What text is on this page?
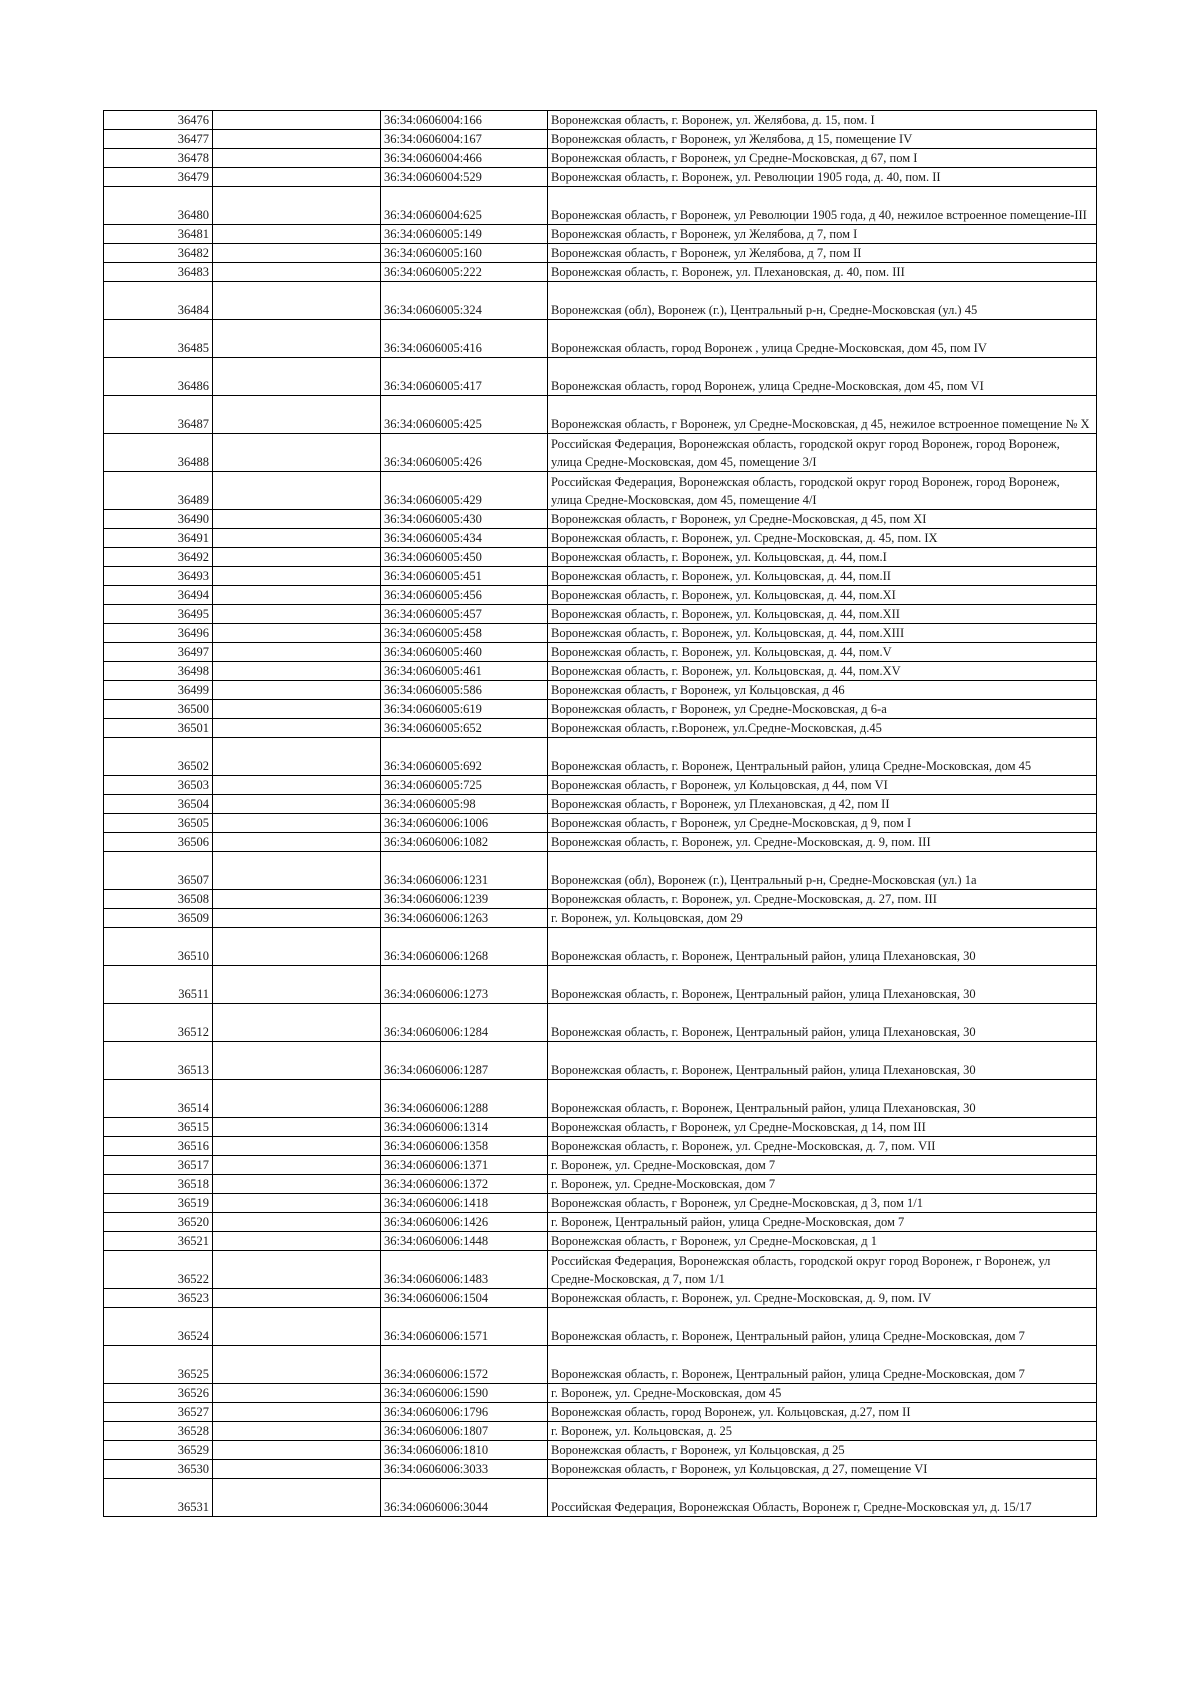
36476		36:34:0606004:166	Воронежская область, г. Воронеж, ул. Желябова, д. 15, пом. I
36477		36:34:0606004:167	Воронежская область, г Воронеж, ул Желябова, д 15, помещение IV
36478		36:34:0606004:466	Воронежская область, г Воронеж, ул Средне-Московская, д 67, пом I
36479		36:34:0606004:529	Воронежская область, г. Воронеж, ул. Революции 1905 года, д. 40, пом. II
36480		36:34:0606004:625	Воронежская область, г Воронеж, ул Революции 1905 года, д 40, нежилое встроенное помещение-III
36481		36:34:0606005:149	Воронежская область, г Воронеж, ул Желябова, д 7, пом I
36482		36:34:0606005:160	Воронежская область, г Воронеж, ул Желябова, д 7, пом II
36483		36:34:0606005:222	Воронежская область, г. Воронеж, ул. Плехановская, д. 40, пом. III
36484		36:34:0606005:324	Воронежская (обл), Воронеж (г.), Центральный р-н, Средне-Московская (ул.) 45
36485		36:34:0606005:416	Воронежская область, город Воронеж , улица Средне-Московская, дом 45, пом IV
36486		36:34:0606005:417	Воронежская область, город Воронеж, улица Средне-Московская, дом 45, пом VI
36487		36:34:0606005:425	Воронежская область, г Воронеж, ул Средне-Московская, д 45, нежилое встроенное помещение № X
36488		36:34:0606005:426	Российская Федерация, Воронежская область, городской округ город Воронеж, город Воронеж, улица Средне-Московская, дом 45, помещение 3/I
36489		36:34:0606005:429	Российская Федерация, Воронежская область, городской округ город Воронеж, город Воронеж, улица Средне-Московская, дом 45, помещение 4/I
36490		36:34:0606005:430	Воронежская область, г Воронеж, ул Средне-Московская, д 45, пом XI
36491		36:34:0606005:434	Воронежская область, г. Воронеж, ул. Средне-Московская, д. 45, пом. IX
36492		36:34:0606005:450	Воронежская область, г. Воронеж, ул. Кольцовская, д. 44, пом.I
36493		36:34:0606005:451	Воронежская область, г. Воронеж, ул. Кольцовская, д. 44, пом.II
36494		36:34:0606005:456	Воронежская область, г. Воронеж, ул. Кольцовская, д. 44, пом.XI
36495		36:34:0606005:457	Воронежская область, г. Воронеж, ул. Кольцовская, д. 44, пом.XII
36496		36:34:0606005:458	Воронежская область, г. Воронеж, ул. Кольцовская, д. 44, пом.XIII
36497		36:34:0606005:460	Воронежская область, г. Воронеж, ул. Кольцовская, д. 44, пом.V
36498		36:34:0606005:461	Воронежская область, г. Воронеж, ул. Кольцовская, д. 44, пом.XV
36499		36:34:0606005:586	Воронежская область, г Воронеж, ул Кольцовская, д 46
36500		36:34:0606005:619	Воронежская область, г Воронеж, ул Средне-Московская, д 6-а
36501		36:34:0606005:652	Воронежская область, г.Воронеж, ул.Средне-Московская, д.45
36502		36:34:0606005:692	Воронежская область, г. Воронеж, Центральный район, улица Средне-Московская, дом 45
36503		36:34:0606005:725	Воронежская область, г Воронеж, ул Кольцовская, д 44, пом VI
36504		36:34:0606005:98	Воронежская область, г Воронеж, ул Плехановская, д 42, пом II
36505		36:34:0606006:1006	Воронежская область, г Воронеж, ул Средне-Московская, д 9, пом I
36506		36:34:0606006:1082	Воронежская область, г. Воронеж, ул. Средне-Московская, д. 9, пом. III
36507		36:34:0606006:1231	Воронежская (обл), Воронеж (г.), Центральный р-н, Средне-Московская (ул.) 1а
36508		36:34:0606006:1239	Воронежская область, г. Воронеж, ул. Средне-Московская, д. 27, пом. III
36509		36:34:0606006:1263	г. Воронеж, ул. Кольцовская, дом 29
36510		36:34:0606006:1268	Воронежская область, г. Воронеж, Центральный район, улица Плехановская, 30
36511		36:34:0606006:1273	Воронежская область, г. Воронеж, Центральный район, улица Плехановская, 30
36512		36:34:0606006:1284	Воронежская область, г. Воронеж, Центральный район, улица Плехановская, 30
36513		36:34:0606006:1287	Воронежская область, г. Воронеж, Центральный район, улица Плехановская, 30
36514		36:34:0606006:1288	Воронежская область, г. Воронеж, Центральный район, улица Плехановская, 30
36515		36:34:0606006:1314	Воронежская область, г Воронеж, ул Средне-Московская, д 14, пом III
36516		36:34:0606006:1358	Воронежская область, г. Воронеж, ул. Средне-Московская, д. 7, пом. VII
36517		36:34:0606006:1371	г. Воронеж, ул. Средне-Московская, дом 7
36518		36:34:0606006:1372	г. Воронеж, ул. Средне-Московская, дом 7
36519		36:34:0606006:1418	Воронежская область, г Воронеж, ул Средне-Московская, д 3, пом 1/1
36520		36:34:0606006:1426	г. Воронеж, Центральный район, улица Средне-Московская, дом 7
36521		36:34:0606006:1448	Воронежская область, г Воронеж, ул Средне-Московская, д 1
36522		36:34:0606006:1483	Российская Федерация, Воронежская область, городской округ город Воронеж, г Воронеж, ул Средне-Московская, д 7, пом 1/1
36523		36:34:0606006:1504	Воронежская область, г. Воронеж, ул. Средне-Московская, д. 9, пом. IV
36524		36:34:0606006:1571	Воронежская область, г. Воронеж, Центральный район, улица Средне-Московская, дом 7
36525		36:34:0606006:1572	Воронежская область, г. Воронеж, Центральный район, улица Средне-Московская, дом 7
36526		36:34:0606006:1590	г. Воронеж, ул. Средне-Московская, дом 45
36527		36:34:0606006:1796	Воронежская область, город Воронеж, ул. Кольцовская, д.27, пом II
36528		36:34:0606006:1807	г. Воронеж, ул. Кольцовская, д. 25
36529		36:34:0606006:1810	Воронежская область, г Воронеж, ул Кольцовская, д 25
36530		36:34:0606006:3033	Воронежская область, г Воронеж, ул Кольцовская, д 27, помещение VI
36531		36:34:0606006:3044	Российская Федерация, Воронежская Область, Воронеж г, Средне-Московская ул, д. 15/17
